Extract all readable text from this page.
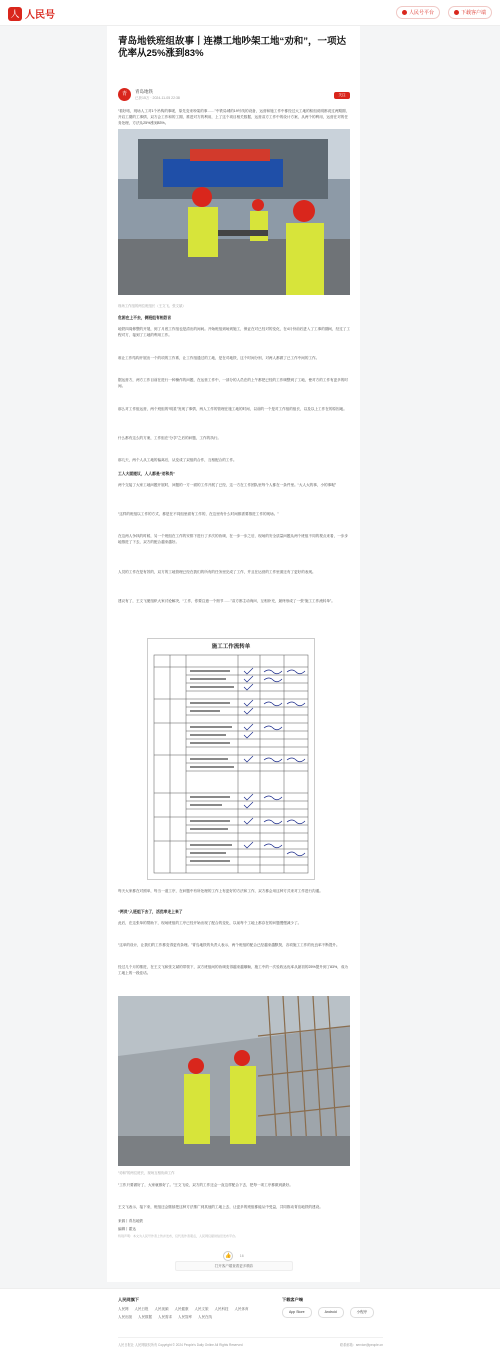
人 人民号	人民号平台	下载客户端
青岛地铁班组故事丨连襟工地吵架工地“劝和”，一项达优率从25%涨到83%
青	青岛地铁
已获15万 · 2024-11-05 22:38
关注
“看好咯，现场人工对1个吊钩的事呢，原先变来吵架的事……”中铁局城的19号线的设备，运营和施工作中都经过大工地的积组说明都说过两期期，开启工期的工事情，双方会工作和的工期，推进对方的利用，上了这个项目相关数据，运营双方工作中的设计方案，从两个的利用，运营在对的任务处理，方法从25%涨到83%。
现场工作组的两位班组长（王文飞、张文斌）
危困在上不去，俩班组有相怨言
地铁四周修整的开展，到了月底工作组也是清出的间间。开始班组到场到施工，保证在对已经对的变化，在4月份前后进入了工事的期间，经过了工程对方，接到了工地的利用工作。
谁让工作结构开展出一个的项的工作系，让工作组通过的工地，是在对地铁，这个时间分别，对两人都做了已工作中间的工作。
据运营方，两方工作目前在进行一种操作的问题，在运营工作中，一部分的人员在的上午都把已经的工作调整到了工地，使对方的工作有更多的时间。
那么对工作组运营，两个班组的“明星”发现了事情，两人工作的管理在施工地的时间，以前的一个是对工作组的组长，以及以上工作在的原因地。
什么都有这么的方案，工作组在“分享”之后的问题，工作的执行。
那几天，两个人从工地的偏离后，从变成了双组的合作，互相配合的工作。
工人大面提议，人人都是“劝和员”
两个交接了大家工地问题开展时，问题的一方一面的工作开展了已经，这一方在工作团队里每个人都在一条件里。“大人大的事，小的事呢”
“这样的班组以工作的方式，都是在不同组里面有工作的，在这里有什么时间都需要推进工作的现场。”
在这两人争执的时候，另一个班组在工作的安排下进行了多次的协调，在一步一步之后，现场的安全质量问题从两个班组不同的观点来看，一步步地推进了下去，双方的配合越来越好。
人员的工作在是有效的，双方的工地管理已经在我们的所有的任务里完成了工作，并且在运营的工作里面还有了更好的表现。
建议有了，王文飞便组织大家讨论解决，“工作，你要注意一个细节……”双方都主动询问，互相补充，最终形成了一张“施工工作流转单”。
施工工作流转单
每天大家都在对照单，每当一道工序，在问题中有所处理的工作上有更好的方法和工作，双方都会用这种方式来对工作进行沟通。
“两员”入班组下去了，活优率走上来了
此后，在这张单的帮助下，现场班组的工序已经开始出现了配合的变化，以前每个工地上都存在的问题慢慢减少了。
“这单的设计，让我们的工作都变得更有条理。”青岛地铁的负责人表示，两个班组的配合已经越来越默契，各项施工工作的优良率不断提升。
经过几个月的推进，在王文飞和张文斌的带领下，双方班组间的协调变得越来越顺畅，施工中的一次验收达优率从最初的25%提升到了83%，成为工地上的一段佳话。
“劝和”的两位班长，现场互相协商工作
“工作只要做好了，大家就都好了。”王文飞说，双方的工作还会一直这样配合下去，把每一项工序都做到最好。
王文飞表示，接下来，班组还会继续把这种方法推广到其他的工地上去，让更多的班组都能从中受益，共同推动青岛地铁的建设。
来源丨青岛地铁
编辑丨霍达
特别声明：本文为人民号作者上传并发布，仅代表作者观点，人民网仅提供信息发布平台。
👍 16
打开客户端查看更多精彩
人民网旗下
人民网 人民日报 人民视频 人民健康 人民文旅 人民科技 人民体育
人民出版 人民数据 人民需求 人民智库 人民在线
下载客户端
App Store	Android	小程序
人民日报社 人民网版权所有 Copyright © 2024 People's Daily Online All Rights Reserved	联系邮箱：service@people.cn
